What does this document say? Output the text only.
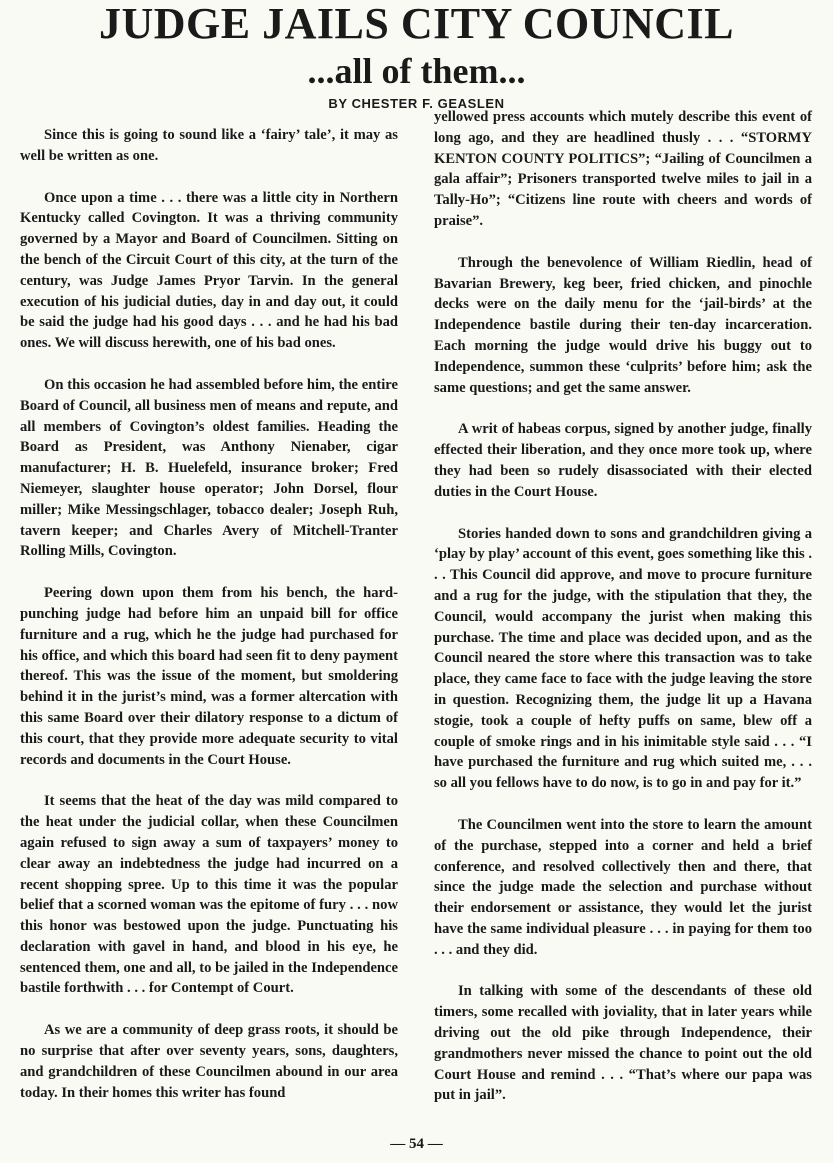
JUDGE JAILS CITY COUNCIL
...all of them...
BY CHESTER F. GEASLEN

Since this is going to sound like a ‘fairy’ tale’, it may as well be written as one.

Once upon a time . . . there was a little city in Northern Kentucky called Covington. It was a thriving community governed by a Mayor and Board of Councilmen. Sitting on the bench of the Circuit Court of this city, at the turn of the century, was Judge James Pryor Tarvin. In the general execution of his judicial duties, day in and day out, it could be said the judge had his good days . . . and he had his bad ones. We will discuss herewith, one of his bad ones.

On this occasion he had assembled before him, the entire Board of Council, all business men of means and repute, and all members of Covington’s oldest families. Heading the Board as President, was Anthony Nienaber, cigar manufacturer; H. B. Huelefeld, insurance broker; Fred Niemeyer, slaughter house operator; John Dorsel, flour miller; Mike Messingschlager, tobacco dealer; Joseph Ruh, tavern keeper; and Charles Avery of Mitchell-Tranter Rolling Mills, Covington.

Peering down upon them from his bench, the hard-punching judge had before him an unpaid bill for office furniture and a rug, which he the judge had purchased for his office, and which this board had seen fit to deny payment thereof. This was the issue of the moment, but smoldering behind it in the jurist’s mind, was a former altercation with this same Board over their dilatory response to a dictum of this court, that they provide more adequate security to vital records and documents in the Court House.

It seems that the heat of the day was mild compared to the heat under the judicial collar, when these Councilmen again refused to sign away a sum of taxpayers’ money to clear away an indebtedness the judge had incurred on a recent shopping spree. Up to this time it was the popular belief that a scorned woman was the epitome of fury . . . now this honor was bestowed upon the judge. Punctuating his declaration with gavel in hand, and blood in his eye, he sentenced them, one and all, to be jailed in the Independence bastile forthwith . . . for Contempt of Court.

As we are a community of deep grass roots, it should be no surprise that after over seventy years, sons, daughters, and grandchildren of these Councilmen abound in our area today. In their homes this writer has found

yellowed press accounts which mutely describe this event of long ago, and they are headlined thusly . . . “STORMY KENTON COUNTY POLITICS”; “Jailing of Councilmen a gala affair”; Prisoners transported twelve miles to jail in a Tally-Ho”; “Citizens line route with cheers and words of praise”.

Through the benevolence of William Riedlin, head of Bavarian Brewery, keg beer, fried chicken, and pinochle decks were on the daily menu for the ‘jail-birds’ at the Independence bastile during their ten-day incarceration. Each morning the judge would drive his buggy out to Independence, summon these ‘culprits’ before him; ask the same questions; and get the same answer.

A writ of habeas corpus, signed by another judge, finally effected their liberation, and they once more took up, where they had been so rudely disassociated with their elected duties in the Court House.

Stories handed down to sons and grandchildren giving a ‘play by play’ account of this event, goes something like this . . . This Council did approve, and move to procure furniture and a rug for the judge, with the stipulation that they, the Council, would accompany the jurist when making this purchase. The time and place was decided upon, and as the Council neared the store where this transaction was to take place, they came face to face with the judge leaving the store in question. Recognizing them, the judge lit up a Havana stogie, took a couple of hefty puffs on same, blew off a couple of smoke rings and in his inimitable style said . . . “I have purchased the furniture and rug which suited me, . . . so all you fellows have to do now, is to go in and pay for it.”

The Councilmen went into the store to learn the amount of the purchase, stepped into a corner and held a brief conference, and resolved collectively then and there, that since the judge made the selection and purchase without their endorsement or assistance, they would let the jurist have the same individual pleasure . . . in paying for them too . . . and they did.

In talking with some of the descendants of these old timers, some recalled with joviality, that in later years while driving out the old pike through Independence, their grandmothers never missed the chance to point out the old Court House and remind . . . “That’s where our papa was put in jail”.

— 54 —
